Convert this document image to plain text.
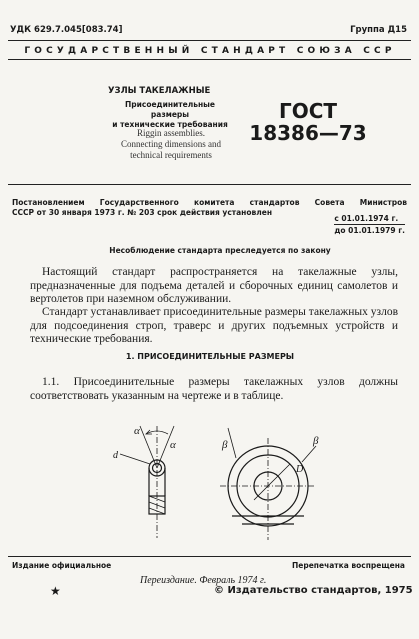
УДК 629.7.045[083.74]	Группа Д15
ГОСУДАРСТВЕННЫЙ СТАНДАРТ СОЮЗА ССР
УЗЛЫ ТАКЕЛАЖНЫЕ
Присоединительные размеры
и технические требования
Riggin assemblies.
Connecting dimensions and
technical requirements
ГОСТ
18386—73
Постановлением Государственного комитета стандартов Совета Министров
СССР от 30 января 1973 г. № 203 срок действия установлен
с 01.01.1974 г.
до 01.01.1979 г.
Несоблюдение стандарта преследуется по закону
Настоящий стандарт распространяется на такелажные узлы, предназначенные для подъема деталей и сборочных единиц самолетов и вертолетов при наземном обслуживании.
Стандарт устанавливает присоединительные размеры такелажных узлов для подсоединения строп, траверс и других подъемных устройств и технические требования.
1. ПРИСОЕДИНИТЕЛЬНЫЕ РАЗМЕРЫ
1.1. Присоединительные размеры такелажных узлов должны соответствовать указанным на чертеже и в таблице.
α
α
d
β	β
D
Издание официальное	Перепечатка воспрещена
Переиздание. Февраль 1974 г.
★	© Издательство стандартов, 1975
